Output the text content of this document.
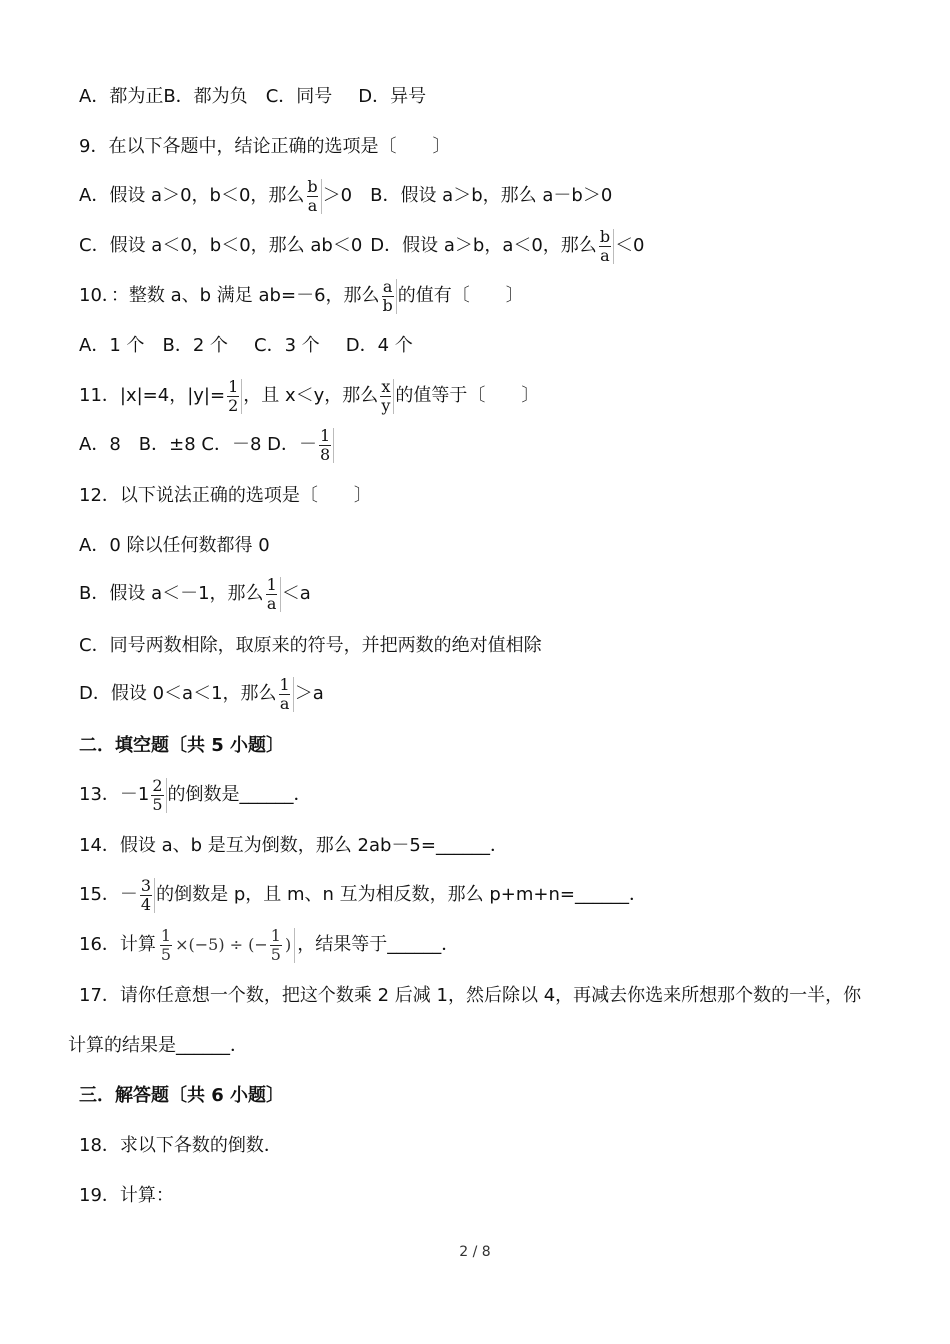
A．都为正 B．都为负 C．同号 D．异号
9．在以下各题中，结论正确的选项是〔　　〕
A．假设 a＞0，b＜0，那么 $\frac{b}{a} >0$ B．假设 a＞b，那么 a－b＞0
C．假设 a＜0，b＜0，那么 ab＜0 D．假设 a＞b，a＜0，那么 $\frac{b}{a} <0$
10．：整数 a、b 满足 ab=－6，那么 $\frac{a}{b}$ 的值有〔　　〕
A．1 个 B．2 个 C．3 个 D．4 个
11．|x|=4，$|y|= \frac{1}{2}$ ，且 x＜y，那么 $\frac{x}{y}$ 的值等于〔　　〕
A．8　B．±8 C．－8 D．－ $\frac{1}{8}$
12．以下说法正确的选项是〔　　〕
A．0 除以任何数都得 0
B．假设 a＜－1，那么 $\frac{1}{a} <a$
C．同号两数相除，取原来的符号，并把两数的绝对值相除
D．假设 0＜a＜1，那么 $\frac{1}{a} >a$
二．填空题〔共 5 小题〕
13．$-1 \frac{2}{5}$ 的倒数是 ______ ．
14．假设 a、b 是互为倒数，那么 2ab－5= ______ ．
15．－ $\frac{3}{4}$ 的倒数是 p，且 m、n 互为相反数，那么 p+m+n= ______ ．
16．计算 $\frac{1}{5} \times(-5)$ ÷ (− $\frac{1}{5}$ ) ，结果等于 ______ ．
17．请你任意想一个数，把这个数乘 2 后减 1，然后除以 4，再减去你选来所想那个数的一半，你
计算的结果是 ______ ．
三．解答题〔共 6 小题〕
18．求以下各数的倒数．
19．计算：
2 / 8
